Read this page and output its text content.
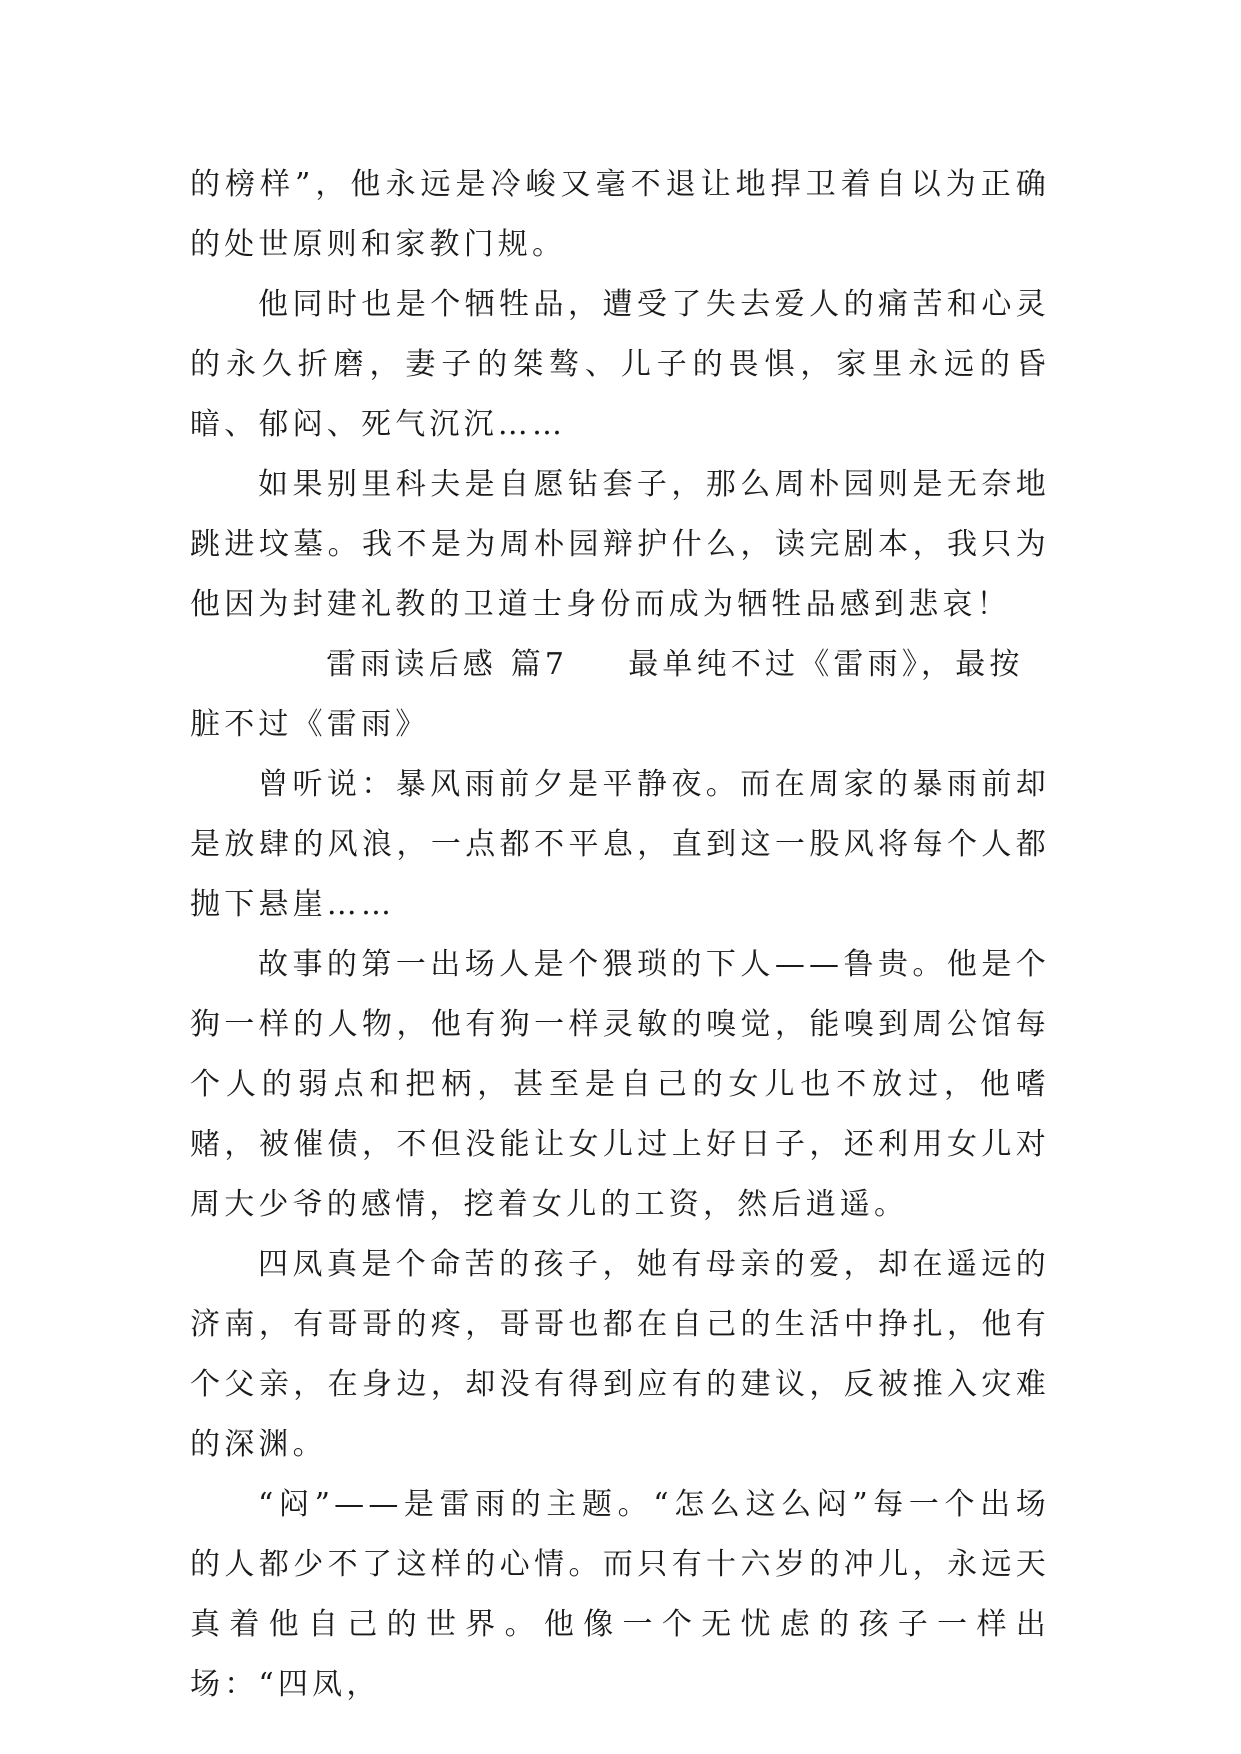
的榜样”，他永远是冷峻又毫不退让地捍卫着自以为正确的处世原则和家教门规。

他同时也是个牺牲品，遭受了失去爱人的痛苦和心灵的永久折磨，妻子的桀骜、儿子的畏惧，家里永远的昏暗、郁闷、死气沉沉……

如果别里科夫是自愿钻套子，那么周朴园则是无奈地跳进坟墓。我不是为周朴园辩护什么，读完剧本，我只为他因为封建礼教的卫道士身份而成为牺牲品感到悲哀！

雷雨读后感 篇7 最单纯不过《雷雨》，最按脏不过《雷雨》

曾听说：暴风雨前夕是平静夜。而在周家的暴雨前却是放肆的风浪，一点都不平息，直到这一股风将每个人都抛下悬崖……

故事的第一出场人是个猥琐的下人——鲁贵。他是个狗一样的人物，他有狗一样灵敏的嗅觉，能嗅到周公馆每个人的弱点和把柄，甚至是自己的女儿也不放过，他嗜赌，被催债，不但没能让女儿过上好日子，还利用女儿对周大少爷的感情，挖着女儿的工资，然后逍遥。

四凤真是个命苦的孩子，她有母亲的爱，却在遥远的济南，有哥哥的疼，哥哥也都在自己的生活中挣扎，他有个父亲，在身边，却没有得到应有的建议，反被推入灾难的深渊。

“闷”——是雷雨的主题。“怎么这么闷”每一个出场的人都少不了这样的心情。而只有十六岁的冲儿，永远天真着他自己的世界。他像一个无忧虑的孩子一样出场：“四凤，
